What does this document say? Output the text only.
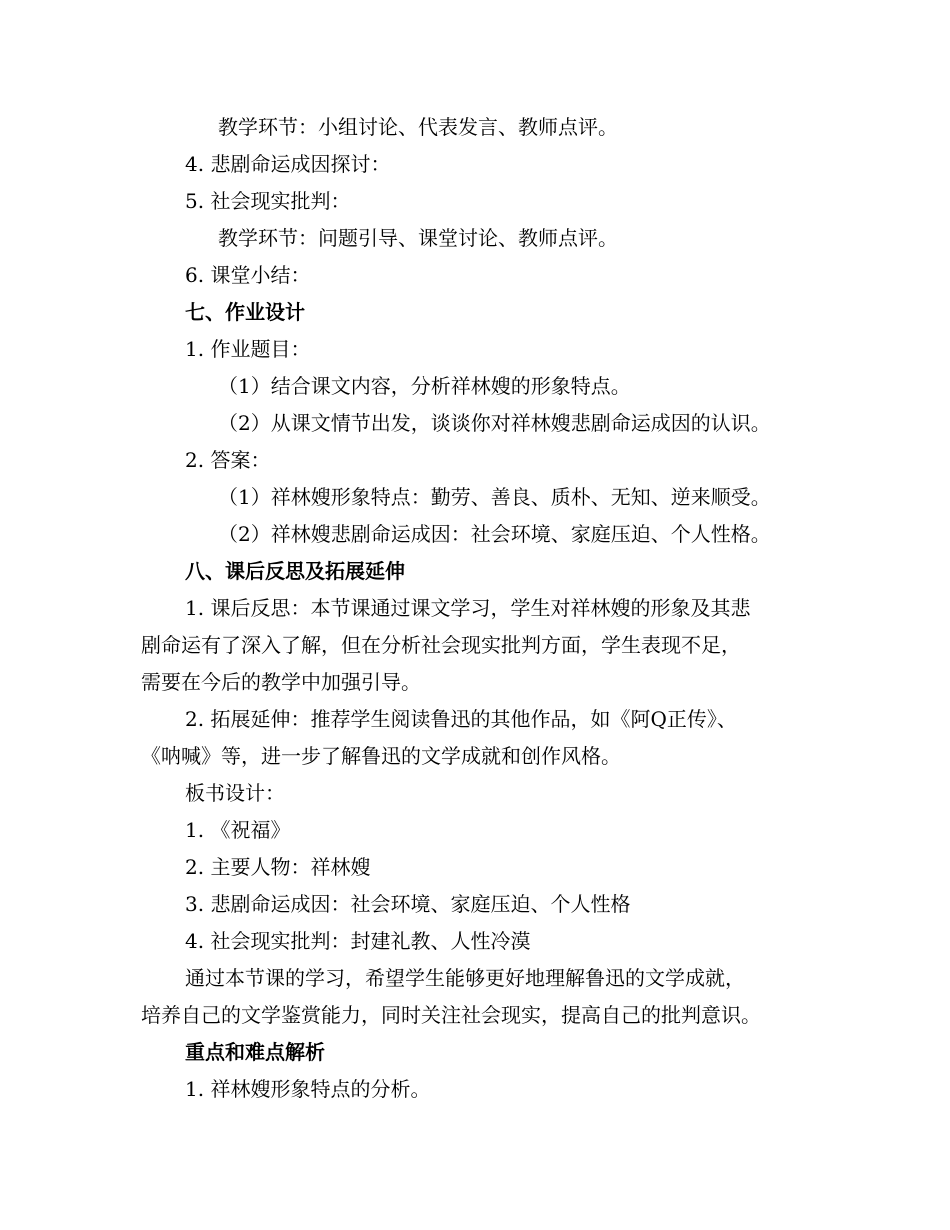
教学环节：小组讨论、代表发言、教师点评。
4. 悲剧命运成因探讨：
5. 社会现实批判：
教学环节：问题引导、课堂讨论、教师点评。
6. 课堂小结：
七、作业设计
1. 作业题目：
（1）结合课文内容，分析祥林嫂的形象特点。
（2）从课文情节出发，谈谈你对祥林嫂悲剧命运成因的认识。
2. 答案：
（1）祥林嫂形象特点：勤劳、善良、质朴、无知、逆来顺受。
（2）祥林嫂悲剧命运成因：社会环境、家庭压迫、个人性格。
八、课后反思及拓展延伸
1. 课后反思：本节课通过课文学习，学生对祥林嫂的形象及其悲
剧命运有了深入了解，但在分析社会现实批判方面，学生表现不足，
需要在今后的教学中加强引导。
2. 拓展延伸：推荐学生阅读鲁迅的其他作品，如《阿Q正传》、
《呐喊》等，进一步了解鲁迅的文学成就和创作风格。
板书设计：
1. 《祝福》
2. 主要人物：祥林嫂
3. 悲剧命运成因：社会环境、家庭压迫、个人性格
4. 社会现实批判：封建礼教、人性冷漠
通过本节课的学习，希望学生能够更好地理解鲁迅的文学成就，
培养自己的文学鉴赏能力，同时关注社会现实，提高自己的批判意识。
重点和难点解析
1. 祥林嫂形象特点的分析。
